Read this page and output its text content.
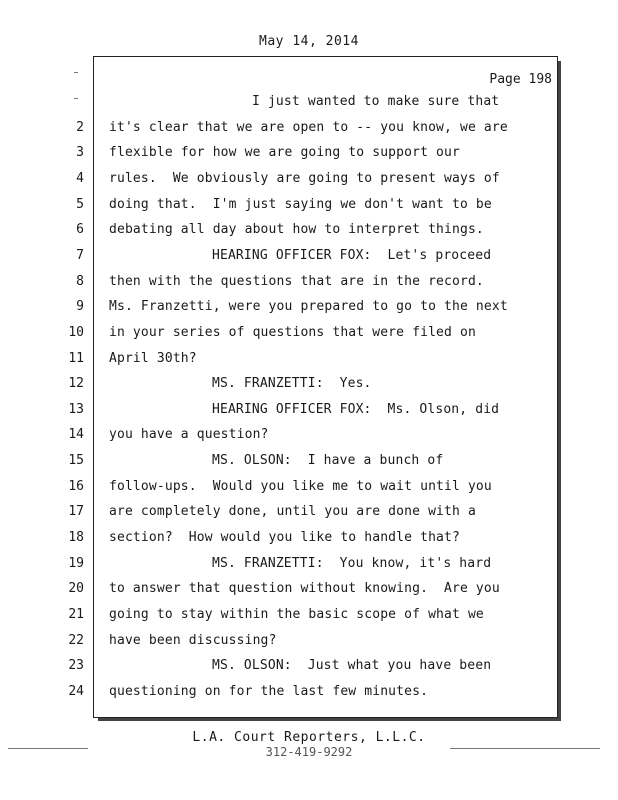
May 14, 2014
Page 198
I just wanted to make sure that
2 it's clear that we are open to -- you know, we are
3 flexible for how we are going to support our
4 rules.  We obviously are going to present ways of
5 doing that.  I'm just saying we don't want to be
6 debating all day about how to interpret things.
7	HEARING OFFICER FOX:  Let's proceed
8 then with the questions that are in the record.
9 Ms. Franzetti, were you prepared to go to the next
10 in your series of questions that were filed on
11 April 30th?
12	MS. FRANZETTI:  Yes.
13	HEARING OFFICER FOX:  Ms. Olson, did
14 you have a question?
15	MS. OLSON:  I have a bunch of
16 follow-ups.  Would you like me to wait until you
17 are completely done, until you are done with a
18 section?  How would you like to handle that?
19	MS. FRANZETTI:  You know, it's hard
20 to answer that question without knowing.  Are you
21 going to stay within the basic scope of what we
22 have been discussing?
23	MS. OLSON:  Just what you have been
24 questioning on for the last few minutes.
L.A. Court Reporters, L.L.C.
312-419-9292
